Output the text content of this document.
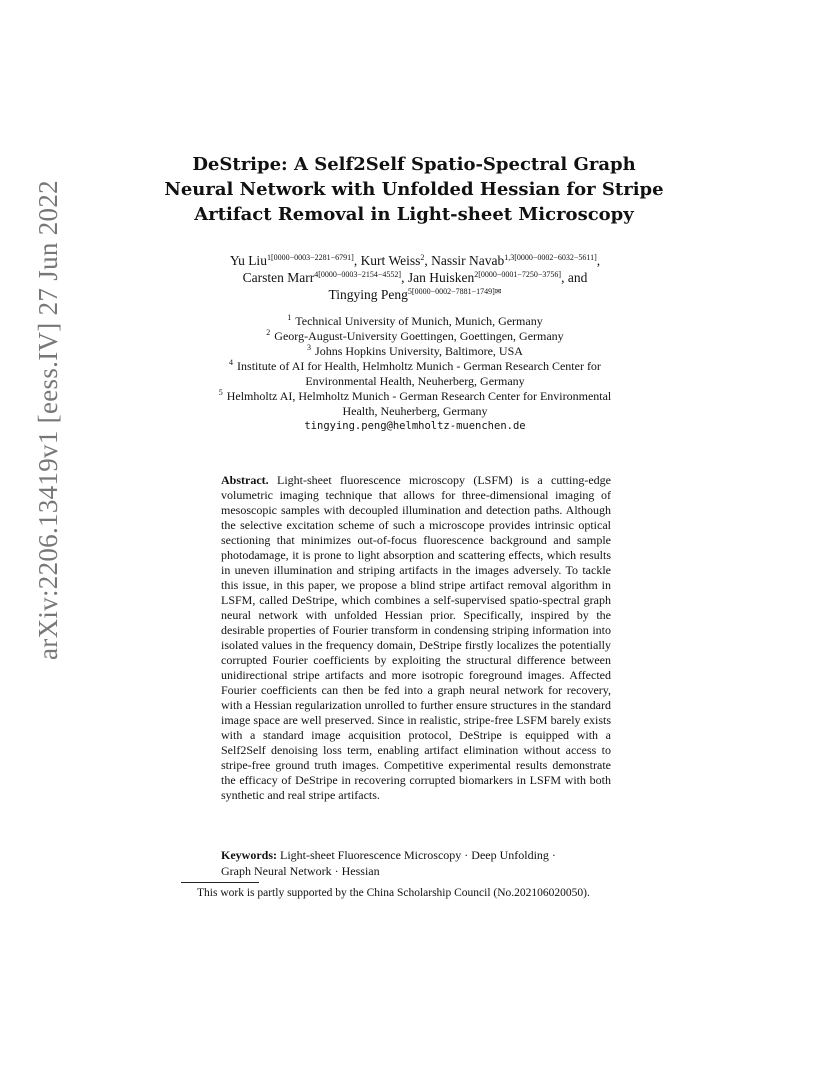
arXiv:2206.13419v1 [eess.IV] 27 Jun 2022
DeStripe: A Self2Self Spatio-Spectral Graph
Neural Network with Unfolded Hessian for Stripe
Artifact Removal in Light-sheet Microscopy
Yu Liu$^{1[0000-0003-2281-6791]}$, Kurt Weiss$^2$, Nassir Navab$^{1,3[0000-0002-6032-5611]}$,
Carsten Marr$^{4[0000-0003-2154-4552]}$, Jan Huisken$^{2[0000-0001-7250-3756]}$, and
Tingying Peng$^{5[0000-0002-7881-1749]✉}$
$^1$ Technical University of Munich, Munich, Germany
$^2$ Georg-August-University Goettingen, Goettingen, Germany
$^3$ Johns Hopkins University, Baltimore, USA
$^4$ Institute of AI for Health, Helmholtz Munich - German Research Center for
Environmental Health, Neuherberg, Germany
$^5$ Helmholtz AI, Helmholtz Munich - German Research Center for Environmental
Health, Neuherberg, Germany
tingying.peng@helmholtz-muenchen.de
Abstract. Light-sheet fluorescence microscopy (LSFM) is a cutting-edge volumetric imaging technique that allows for three-dimensional imaging of mesoscopic samples with decoupled illumination and detection paths. Although the selective excitation scheme of such a microscope provides intrinsic optical sectioning that minimizes out-of-focus fluorescence background and sample photodamage, it is prone to light absorption and scattering effects, which results in uneven illumination and striping artifacts in the images adversely. To tackle this issue, in this paper, we propose a blind stripe artifact removal algorithm in LSFM, called DeStripe, which combines a self-supervised spatio-spectral graph neural network with unfolded Hessian prior. Specifically, inspired by the desirable properties of Fourier transform in condensing striping information into isolated values in the frequency domain, DeStripe firstly localizes the potentially corrupted Fourier coefficients by exploiting the structural difference between unidirectional stripe artifacts and more isotropic foreground images. Affected Fourier coefficients can then be fed into a graph neural network for recovery, with a Hessian regularization unrolled to further ensure structures in the standard image space are well preserved. Since in realistic, stripe-free LSFM barely exists with a standard image acquisition protocol, DeStripe is equipped with a Self2Self denoising loss term, enabling artifact elimination without access to stripe-free ground truth images. Competitive experimental results demonstrate the efficacy of DeStripe in recovering corrupted biomarkers in LSFM with both synthetic and real stripe artifacts.
Keywords: Light-sheet Fluorescence Microscopy · Deep Unfolding ·
Graph Neural Network · Hessian
This work is partly supported by the China Scholarship Council (No.202106020050).
